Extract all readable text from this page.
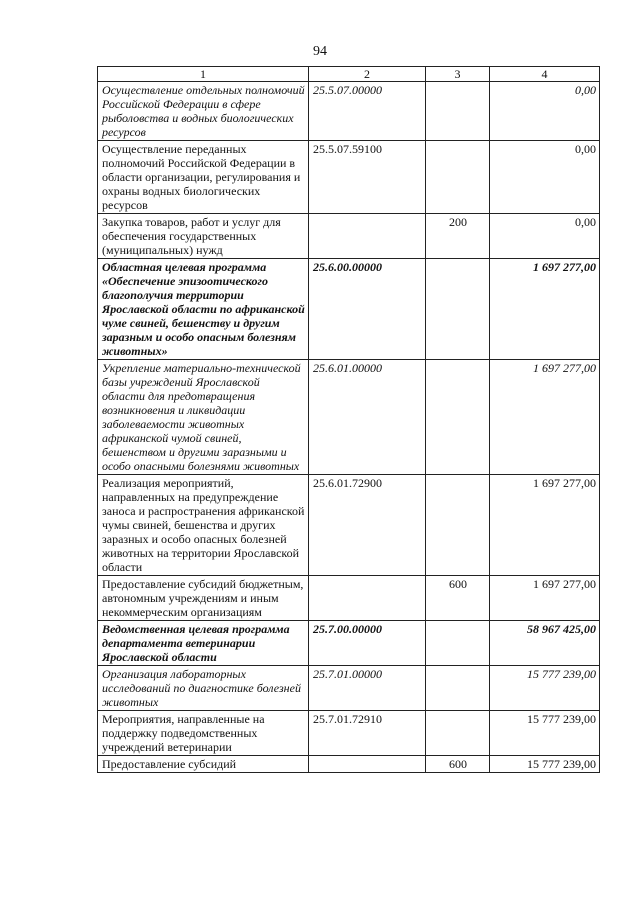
94
1	2	3	4
Осуществление отдельных полномочий Российской Федерации в сфере рыболовства и водных биологических ресурсов	25.5.07.00000		0,00
Осуществление переданных полномочий Российской Федерации в области организации, регулирования и охраны водных биологических ресурсов	25.5.07.59100		0,00
Закупка товаров, работ и услуг для обеспечения государственных (муниципальных) нужд		200	0,00
Областная целевая программа «Обеспечение эпизоотического благополучия территории Ярославской области по африканской чуме свиней, бешенству и другим заразным и особо опасным болезням животных»	25.6.00.00000		1 697 277,00
Укрепление материально-технической базы учреждений Ярославской области для предотвращения возникновения и ликвидации заболеваемости животных африканской чумой свиней, бешенством и другими заразными и особо опасными болезнями животных	25.6.01.00000		1 697 277,00
Реализация мероприятий, направленных на предупреждение заноса и распространения африканской чумы свиней, бешенства и других заразных и особо опасных болезней животных на территории Ярославской области	25.6.01.72900		1 697 277,00
Предоставление субсидий бюджетным, автономным учреждениям и иным некоммерческим организациям		600	1 697 277,00
Ведомственная целевая программа департамента ветеринарии Ярославской области	25.7.00.00000		58 967 425,00
Организация лабораторных исследований по диагностике болезней животных	25.7.01.00000		15 777 239,00
Мероприятия, направленные на поддержку подведомственных учреждений ветеринарии	25.7.01.72910		15 777 239,00
Предоставление субсидий		600	15 777 239,00
